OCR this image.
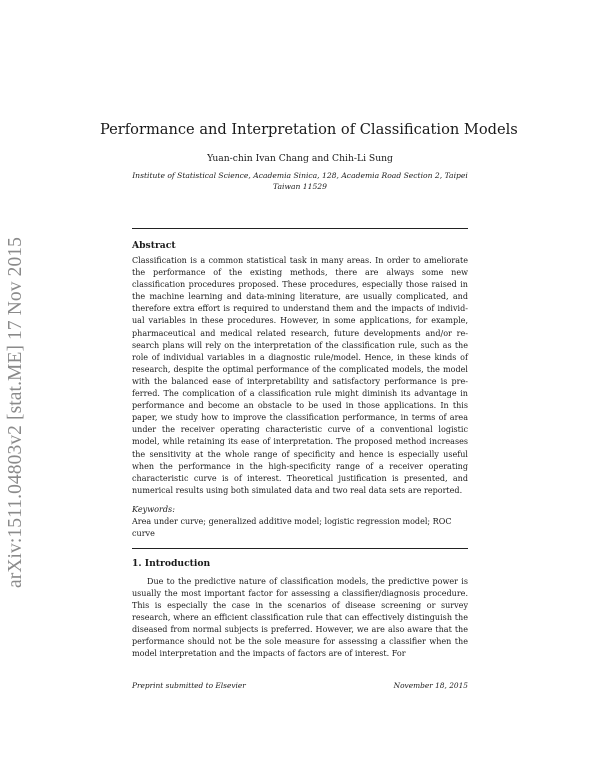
arXiv:1511.04803v2 [stat.ME] 17 Nov 2015
Performance and Interpretation of Classification Models
Yuan-chin Ivan Chang and Chih-Li Sung
Institute of Statistical Science, Academia Sinica, 128, Academia Road Section 2, Taipei Taiwan 11529
Abstract
Classification is a common statistical task in many areas. In order to ameliorate the performance of the existing methods, there are always some new classification procedures proposed. These procedures, especially those raised in the machine learning and data-mining literature, are usually complicated, and therefore extra effort is required to understand them and the impacts of individual variables in these procedures. However, in some applications, for example, pharmaceutical and medical related research, future developments and/or research plans will rely on the interpretation of the classification rule, such as the role of individual variables in a diagnostic rule/model. Hence, in these kinds of research, despite the optimal performance of the complicated models, the model with the balanced ease of interpretability and satisfactory performance is preferred. The complication of a classification rule might diminish its advantage in performance and become an obstacle to be used in those applications. In this paper, we study how to improve the classification performance, in terms of area under the receiver operating characteristic curve of a conventional logistic model, while retaining its ease of interpretation. The proposed method increases the sensitivity at the whole range of specificity and hence is especially useful when the performance in the high-specificity range of a receiver operating characteristic curve is of interest. Theoretical justification is presented, and numerical results using both simulated data and two real data sets are reported.
Keywords:
Area under curve; generalized additive model; logistic regression model; ROC curve
1. Introduction
Due to the predictive nature of classification models, the predictive power is usually the most important factor for assessing a classifier/diagnosis procedure. This is especially the case in the scenarios of disease screening or survey research, where an efficient classification rule that can effectively distinguish the diseased from normal subjects is preferred. However, we are also aware that the performance should not be the sole measure for assessing a classifier when the model interpretation and the impacts of factors are of interest. For
Preprint submitted to Elsevier	November 18, 2015
